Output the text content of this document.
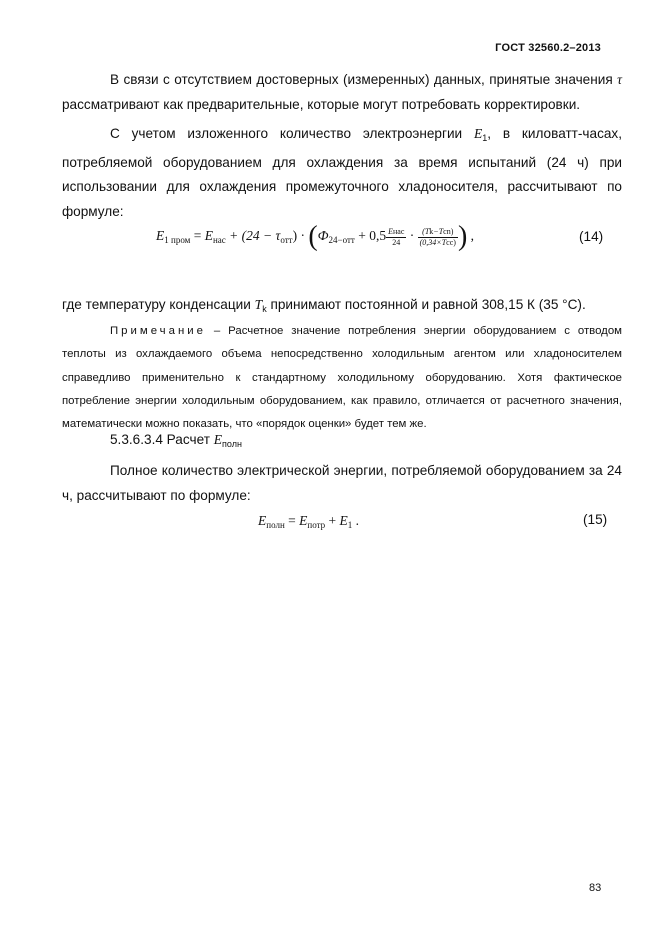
ГОСТ 32560.2–2013
В связи с отсутствием достоверных (измеренных) данных, принятые значения τ рассматривают как предварительные, которые могут потребовать корректировки.
С учетом изложенного количество электроэнергии $E_1$, в киловатт-часах, потребляемой оборудованием для охлаждения за время испытаний (24 ч) при использовании для охлаждения промежуточного хладоносителя, рассчитывают по формуле:
$E_{1 пром} = E_{нас} + (24 - \tau_{отт}) \cdot (Ф_{24-отт} + 0,5 \frac{\text{Eнас}}{24} \cdot \frac{\text{(Tk−Tcn)}}{\text{(0,34×Tcc)}}$ ) ,	(14)
где температуру конденсации $T_k$ принимают постоянной и равной 308,15 К (35 °С).
Примечание – Расчетное значение потребления энергии оборудованием с отводом теплоты из охлаждаемого объема непосредственно холодильным агентом или хладоносителем справедливо применительно к стандартному холодильному оборудованию. Хотя фактическое потребление энергии холодильным оборудованием, как правило, отличается от расчетного значения, математически можно показать, что «порядок оценки» будет тем же.
5.3.6.3.4 Расчет $E_{полн}$
Полное количество электрической энергии, потребляемой оборудованием за 24 ч, рассчитывают по формуле:
$E_{полн} = E_{потр} + E_1$ .	(15)
83
